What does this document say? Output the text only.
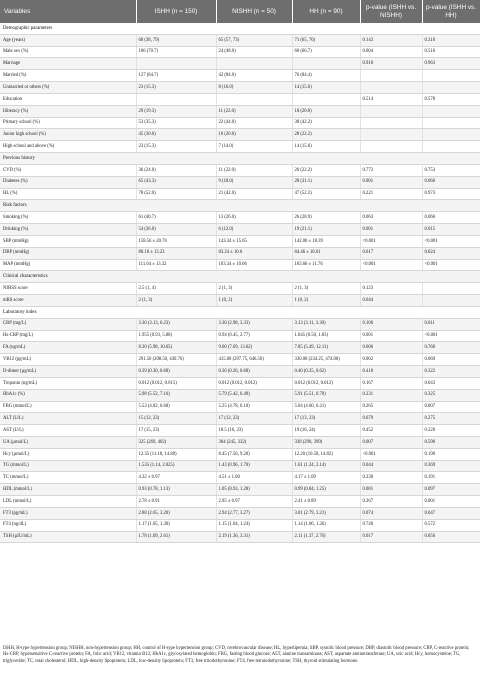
Variables	ISHH (n = 150)	NISHH (n = 50)	HH (n = 90)	p-value (ISHH vs. NISHH)	p-value (ISHH vs. HH)
Demographic parameters					
Age (years)	68 (38, 79)	65 (57, 73)	71 (65, 76)	0.143	0.310
Male sex (%)	106 (70.7)	24 (48.0)	60 (66.7)	0.004	0.516
Marriage				0.910	0.963
Married (%)	127 (84.7)	42 (84.0)	76 (84.4)		
Unmarried or others (%)	23 (15.3)	8 (16.0)	14 (15.6)		
Education				0.514	0.578
Illiteracy (%)	29 (19.3)	11 (22.0)	18 (20.0)		
Primary school (%)	53 (35.3)	22 (44.0)	38 (42.2)		
Junior high school (%)	45 (30.0)	10 (20.0)	20 (22.2)		
High school and above (%)	23 (15.3)	7 (14.0)	14 (15.6)		
Previous history					
CVD (%)	36 (24.0)	11 (22.0)	20 (22.2)	0.773	0.753
Diabetes (%)	65 (43.3)	9 (18.0)	28 (31.1)	0.001	0.060
HL (%)	78 (52.0)	21 (42.0)	47 (52.2)	0.221	0.973
Risk factors					
Smoking (%)	61 (40.7)	13 (26.0)	26 (28.9)	0.063	0.066
Drinking (%)	54 (36.0)	6 (12.0)	19 (21.1)	0.001	0.015
SBP (mmHg)	158.56 ± 20.76	143.34 ± 15.65	142.06 ± 18.39	<0.001	<0.001
DBP (mmHg)	88.18 ± 13.23	83.24 ± 10.6	84.46 ± 10.61	0.017	0.024
MAP (mmHg)	111.64 ± 13.32	103.34 ± 10.06	103.66 ± 11.76	<0.001	<0.001
Clinical characteristics					
NIHSS score	2.5 (1, 4)	2 (1, 3)	2 (1, 3)	0.123	
mRS score	2 (1, 3)	1 (0, 2)	1 (0, 2)	0.044	
Laboratory index					
CRP (mg/L)	3.30 (3.13, 6.23)	3.30 (2.98, 3.33)	3.13 (3.11, 3.30)	0.106	0.011
Hs-CRP (mg/L)	1.955 (0.93, 5.88)	0.94 (0.45, 2.77)	1.045 (0.50, 1.83)	0.001	<0.001
FA (ng/mL)	8.20 (5.98, 10.65)	9.60 (7.69, 13.62)	7.85 (5.49, 12.11)	0.006	0.760
VB12 (pg/mL)	291.50 (208.50, 430.76)	415.00 (297.75, 646.50)	330.00 (234.25, 474.00)	0.002	0.069
D-dimer (µg/mL)	0.39 (0.30, 0.68)	0.36 (0.26, 0.68)	0.40 (0.25, 0.62)	0.418	0.322
Troponin (ng/mL)	0.012 (0.012, 0.015)	0.012 (0.012, 0.012)	0.012 (0.012, 0.012)	0.167	0.043
HbA1c (%)	5.98 (5.52, 7.16)	5.79 (5.42, 6.49)	5.91 (5.51, 6.70)	0.231	0.325
FBG (mmol/L)	5.53 (4.82, 6.68)	5.25 (4.78, 6.10)	5.04 (4.60, 6.21)	0.265	0.007
ALT (U/L)	15 (12, 23)	17 (12, 23)	17 (13, 23)	0.679	0.275
AST (U/L)	17 (15, 23)	18.5 (16, 23)	19 (16, 24)	0.452	0.220
UA (µmol/L)	325 (269, 402)	304 (245, 332)	338 (290, 399)	0.007	0.590
Hcy (µmol/L)	12.35 (11.18, 14.80)	8.45 (7.56, 9.20)	12.20 (10.58, 14.82)	<0.001	0.190
TG (mmol/L)	1.535 (1.14, 2.025)	1.43 (0.96, 1.70)	1.61 (1.24, 2.14)	0.044	0.369
TC (mmol/L)	4.32 ± 0.97	4.51 ± 1.00	4.17 ± 1.09	0.230	0.191
HDL (mmol/L)	0.93 (0.78, 1.13)	1.05 (0.93, 1.28)	0.99 (0.84, 1.25)	0.001	0.097
LDL (mmol/L)	2.78 ± 0.91	2.95 ± 0.97	2.41 ± 0.89	0.267	0.001
FT3 (pg/mL)	2.88 (2.65, 3.20)	2.94 (2.77, 3.27)	3.01 (2.79, 3.21)	0.074	0.047
FT4 (ng/dL)	1.17 (1.05, 1.30)	1.15 (1.04, 1.24)	1.14 (1.06, 1.26)	0.740	0.572
TSH (µIU/mL)	1.78 (1.09, 2.61)	2.19 (1.36, 3.31)	2.11 (1.37, 2.76)	0.017	0.050
ISHH, H-type hypertension group; NISHH, non-hypertension group; HH, control of H-type hypertension group; CVD, cerebrovascular disease; HL, hyperlipemia; SBP, systolic blood pressure; DBP, diastolic blood pressure; CRP, C-reactive protein; Hs-CRP, hypersensitive C-reactive protein; FA, folic acid; VB12, vitamin B12; HbA1c, glycosylated hemoglobin; FBG, fasting blood glucose; ALT, alanine transaminase; AST, aspartate aminotransferase; UA, uric acid; Hcy, homocysteine; TG, triglyceride; TC, total cholesterol; HDL, high-density lipoprotein; LDL, low-density lipoprotein; FT3, free triiodothyronine; FT4, free tetraiodothyronine; TSH, thyroid stimulating hormone.
